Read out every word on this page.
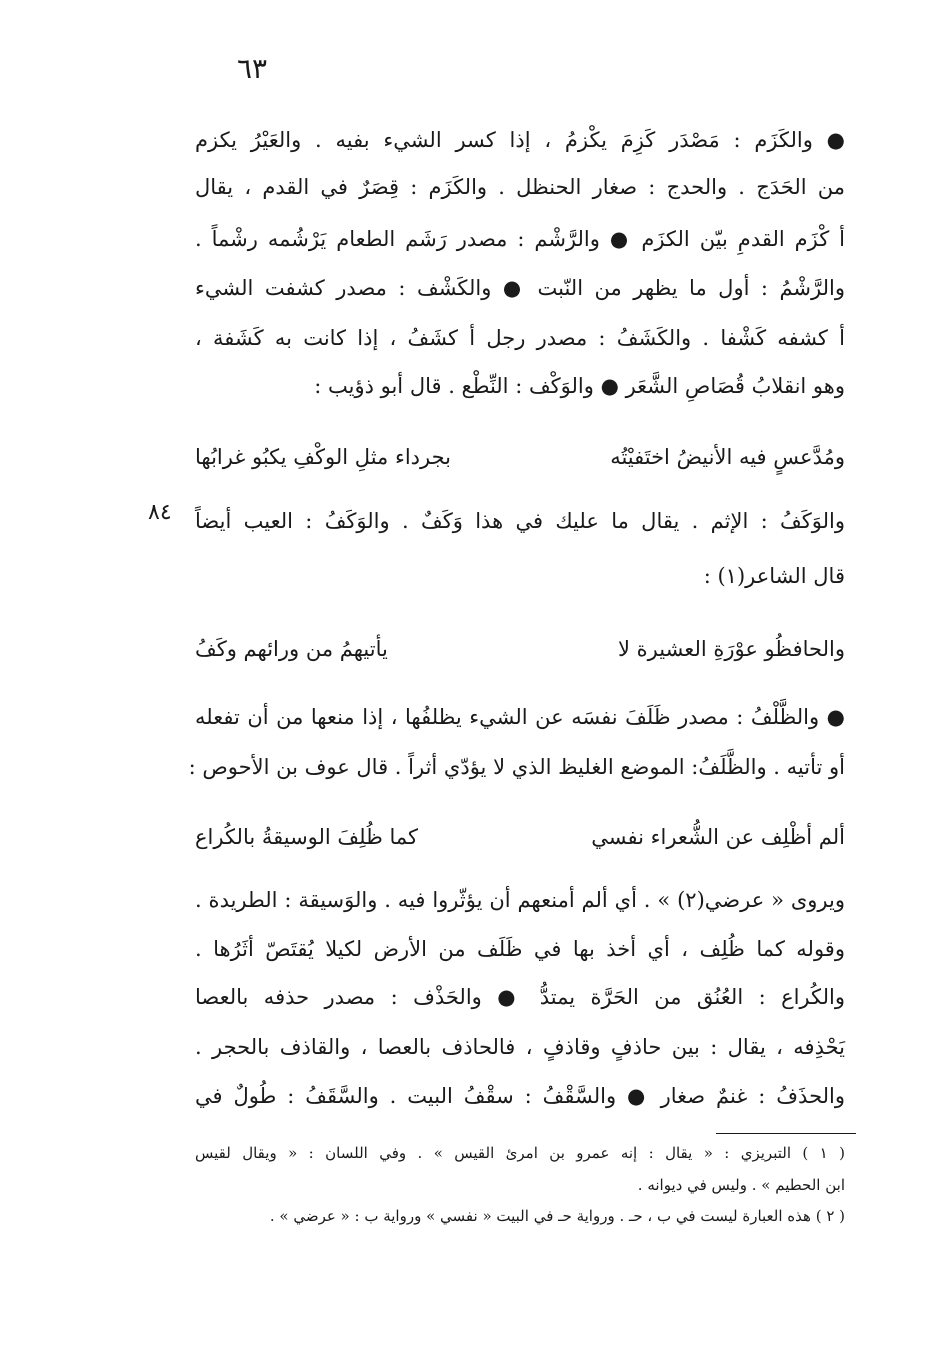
٦٣
● والكَزَم : مَصْدَر كَزِمَ يكْزمُ ، إذا كسر الشيء بفيه . والعَيْرُ يكزم
من الحَدَج . والحدج : صغار الحنظل . والكَزَم : قِصَرٌ في القدم ، يقال
أ كْزَم القدمِ بيّن الكزَم ● والرَّشْم : مصدر رَشَم الطعام يَرْشُمه رشْماً .
والرَّشْمُ : أول ما يظهر من النّبت ● والكَشْف : مصدر كشفت الشيء
أ كشفه كَشْفا . والكَشَفُ : مصدر رجل أ كشَفُ ، إذا كانت به كَشَفة ،
وهو انقلابُ قُصَاصِ الشَّعَر ● والوَكْف : النِّطْع . قال أبو ذؤيب :
ومُدَّعسٍ فيه الأنيضُ اختَفيْتُه
بجرداء مثلِ الوكْفِ يكبُو غرابُها
٨٤ والوَكَفُ : الإثم . يقال ما عليك في هذا وَكَفٌ . والوَكَفُ : العيب أيضاً
قال الشاعر(١) :
والحافظُو عوْرَةِ العشيرة لا
يأتيهمُ من ورائهم وكَفُ
● والظَّلْفُ : مصدر ظَلَفَ نفسَه عن الشيء يظلفُها ، إذا منعها من أن تفعله
أو تأتيه . والظَّلَفُ: الموضع الغليظ الذي لا يؤدّي أثراً . قال عوف بن الأحوص :
ألم أظْلِف عن الشُّعراء نفسي
كما ظُلِفَ الوسيقةُ بالكُراع
ويروى « عرضي(٢) » . أي ألم أمنعهم أن يؤثّروا فيه . والوَسيقة : الطريدة .
وقوله كما ظُلِف ، أي أخذ بها في ظَلَف من الأرض لكيلا يُقتَصّ أثَرُها .
والكُراع : العُنُق من الحَرَّة يمتدُّ ● والحَذْف : مصدر حذفه بالعصا
يَحْذِفه ، يقال : بين حاذفٍ وقاذفٍ ، فالحاذف بالعصا ، والقاذف بالحجر .
والحذَفُ : غنمٌ صغار ● والسَّقْفُ : سقْفُ البيت . والسَّقَفُ : طُولٌ في
( ١ ) التبريزي : « يقال : إنه عمرو بن امرئ القيس » . وفي اللسان : « ويقال لقيس
ابن الحطيم » . وليس في ديوانه .
( ٢ ) هذه العبارة ليست في ب ، حـ . ورواية حـ في البيت « نفسي » ورواية ب : « عرضي » .
